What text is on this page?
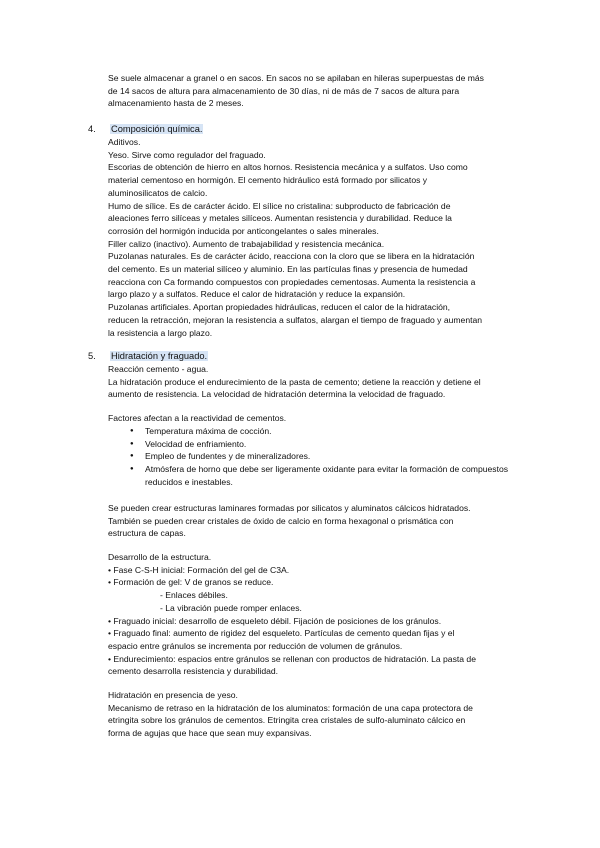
Se suele almacenar a granel o en sacos. En sacos no se apilaban en hileras superpuestas de más
de 14 sacos de altura para almacenamiento de 30 días, ni de más de 7 sacos de altura para
almacenamiento hasta de 2 meses.

4. Composición química.

Aditivos.
Yeso. Sirve como regulador del fraguado.
Escorias de obtención de hierro en altos hornos. Resistencia mecánica y a sulfatos. Uso como
material cementoso en hormigón. El cemento hidráulico está formado por silicatos y
aluminosilicatos de calcio.
Humo de sílice. Es de carácter ácido. El sílice no cristalina: subproducto de fabricación de
aleaciones ferro silíceas y metales silíceos. Aumentan resistencia y durabilidad. Reduce la
corrosión del hormigón inducida por anticongelantes o sales minerales.
Filler calizo (inactivo). Aumento de trabajabilidad y resistencia mecánica.
Puzolanas naturales. Es de carácter ácido, reacciona con la cloro que se libera en la hidratación
del cemento. Es un material silíceo y aluminio. En las partículas finas y presencia de humedad
reacciona con Ca formando compuestos con propiedades cementosas. Aumenta la resistencia a
largo plazo y a sulfatos. Reduce el calor de hidratación y reduce la expansión.
Puzolanas artificiales. Aportan propiedades hidráulicas, reducen el calor de la hidratación,
reducen la retracción, mejoran la resistencia a sulfatos, alargan el tiempo de fraguado y aumentan
la resistencia a largo plazo.

5. Hidratación y fraguado.

Reacción cemento - agua.
La hidratación produce el endurecimiento de la pasta de cemento; detiene la reacción y detiene el
aumento de resistencia. La velocidad de hidratación determina la velocidad de fraguado.

Factores afectan a la reactividad de cementos.

● Temperatura máxima de cocción.
● Velocidad de enfriamiento.
● Empleo de fundentes y de mineralizadores.
● Atmósfera de horno que debe ser ligeramente oxidante para evitar la formación de compuestos reducidos e inestables.

Se pueden crear estructuras laminares formadas por silicatos y aluminatos cálcicos hidratados.
También se pueden crear cristales de óxido de calcio en forma hexagonal o prismática con
estructura de capas.

Desarrollo de la estructura.
• Fase C-S-H inicial: Formación del gel de C3A.
• Formación de gel: V de granos se reduce.
- Enlaces débiles.
- La vibración puede romper enlaces.
• Fraguado inicial: desarrollo de esqueleto débil. Fijación de posiciones de los gránulos.
• Fraguado final: aumento de rigidez del esqueleto. Partículas de cemento quedan fijas y el
espacio entre gránulos se incrementa por reducción de volumen de gránulos.
• Endurecimiento: espacios entre gránulos se rellenan con productos de hidratación. La pasta de
cemento desarrolla resistencia y durabilidad.

Hidratación en presencia de yeso.
Mecanismo de retraso en la hidratación de los aluminatos: formación de una capa protectora de
etringita sobre los gránulos de cementos. Etringita crea cristales de sulfo-aluminato cálcico en
forma de agujas que hace que sean muy expansivas.
